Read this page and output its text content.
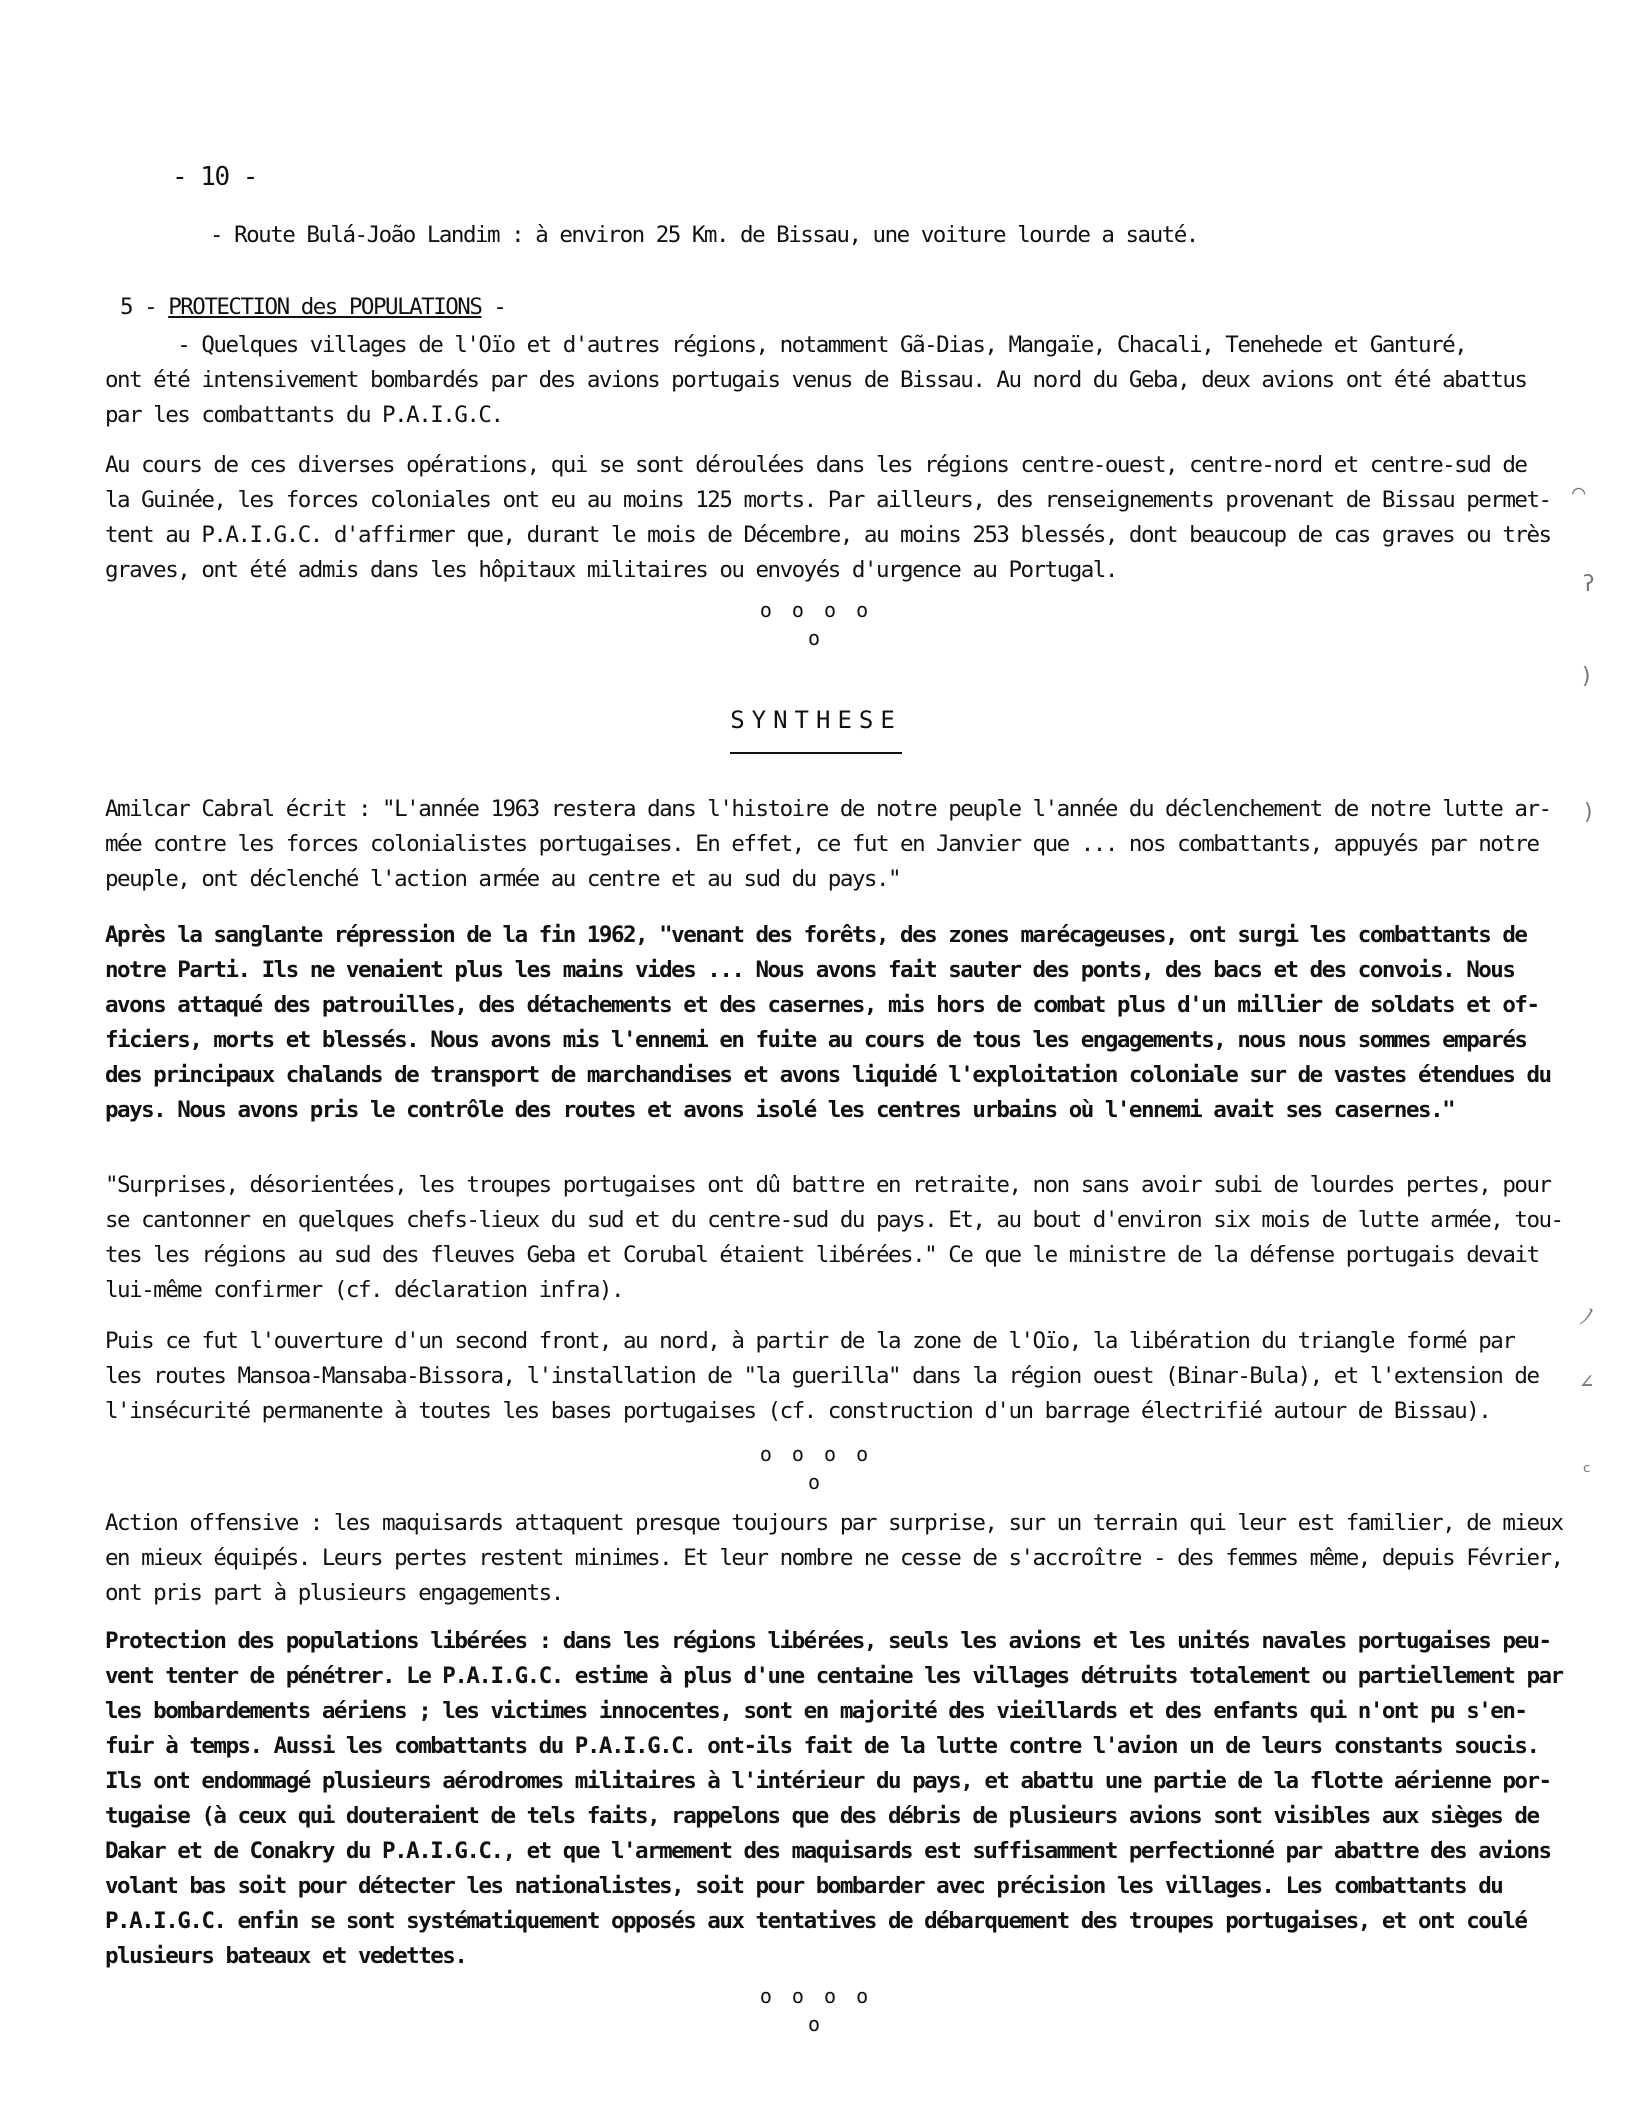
- 10 -
- Route Bulá-João Landim : à environ 25 Km. de Bissau, une voiture lourde a sauté.
5 - PROTECTION des POPULATIONS -
- Quelques villages de l'Oïo et d'autres régions, notamment Gã-Dias, Mangaïe, Chacali, Tenehede et Ganturé,
ont été intensivement bombardés par des avions portugais venus de Bissau. Au nord du Geba, deux avions ont été abattus
par les combattants du P.A.I.G.C.
Au cours de ces diverses opérations, qui se sont déroulées dans les régions centre-ouest, centre-nord et centre-sud de
la Guinée, les forces coloniales ont eu au moins 125 morts. Par ailleurs, des renseignements provenant de Bissau permet-
tent au P.A.I.G.C. d'affirmer que, durant le mois de Décembre, au moins 253 blessés, dont beaucoup de cas graves ou très
graves, ont été admis dans les hôpitaux militaires ou envoyés d'urgence au Portugal.
o o o o
o
SYNTHESE
Amilcar Cabral écrit : "L'année 1963 restera dans l'histoire de notre peuple l'année du déclenchement de notre lutte ar-
mée contre les forces colonialistes portugaises. En effet, ce fut en Janvier que ... nos combattants, appuyés par notre
peuple, ont déclenché l'action armée au centre et au sud du pays."
Après la sanglante répression de la fin 1962, "venant des forêts, des zones marécageuses, ont surgi les combattants de
notre Parti. Ils ne venaient plus les mains vides ... Nous avons fait sauter des ponts, des bacs et des convois. Nous
avons attaqué des patrouilles, des détachements et des casernes, mis hors de combat plus d'un millier de soldats et of-
ficiers, morts et blessés. Nous avons mis l'ennemi en fuite au cours de tous les engagements, nous nous sommes emparés
des principaux chalands de transport de marchandises et avons liquidé l'exploitation coloniale sur de vastes étendues du
pays. Nous avons pris le contrôle des routes et avons isolé les centres urbains où l'ennemi avait ses casernes."
"Surprises, désorientées, les troupes portugaises ont dû battre en retraite, non sans avoir subi de lourdes pertes, pour
se cantonner en quelques chefs-lieux du sud et du centre-sud du pays. Et, au bout d'environ six mois de lutte armée, tou-
tes les régions au sud des fleuves Geba et Corubal étaient libérées." Ce que le ministre de la défense portugais devait
lui-même confirmer (cf. déclaration infra).
Puis ce fut l'ouverture d'un second front, au nord, à partir de la zone de l'Oïo, la libération du triangle formé par
les routes Mansoa-Mansaba-Bissora, l'installation de "la guerilla" dans la région ouest (Binar-Bula), et l'extension de
l'insécurité permanente à toutes les bases portugaises (cf. construction d'un barrage électrifié autour de Bissau).
o o o o
o
Action offensive : les maquisards attaquent presque toujours par surprise, sur un terrain qui leur est familier, de mieux
en mieux équipés. Leurs pertes restent minimes. Et leur nombre ne cesse de s'accroître - des femmes même, depuis Février,
ont pris part à plusieurs engagements.
Protection des populations libérées : dans les régions libérées, seuls les avions et les unités navales portugaises peu-
vent tenter de pénétrer. Le P.A.I.G.C. estime à plus d'une centaine les villages détruits totalement ou partiellement par
les bombardements aériens ; les victimes innocentes, sont en majorité des vieillards et des enfants qui n'ont pu s'en-
fuir à temps. Aussi les combattants du P.A.I.G.C. ont-ils fait de la lutte contre l'avion un de leurs constants soucis.
Ils ont endommagé plusieurs aérodromes militaires à l'intérieur du pays, et abattu une partie de la flotte aérienne por-
tugaise (à ceux qui douteraient de tels faits, rappelons que des débris de plusieurs avions sont visibles aux sièges de
Dakar et de Conakry du P.A.I.G.C., et que l'armement des maquisards est suffisamment perfectionné par abattre des avions
volant bas soit pour détecter les nationalistes, soit pour bombarder avec précision les villages. Les combattants du
P.A.I.G.C. enfin se sont systématiquement opposés aux tentatives de débarquement des troupes portugaises, et ont coulé
plusieurs bateaux et vedettes.
o o o o
o
⌒
ʔ
)
)
ノ
∠
ᶜ
